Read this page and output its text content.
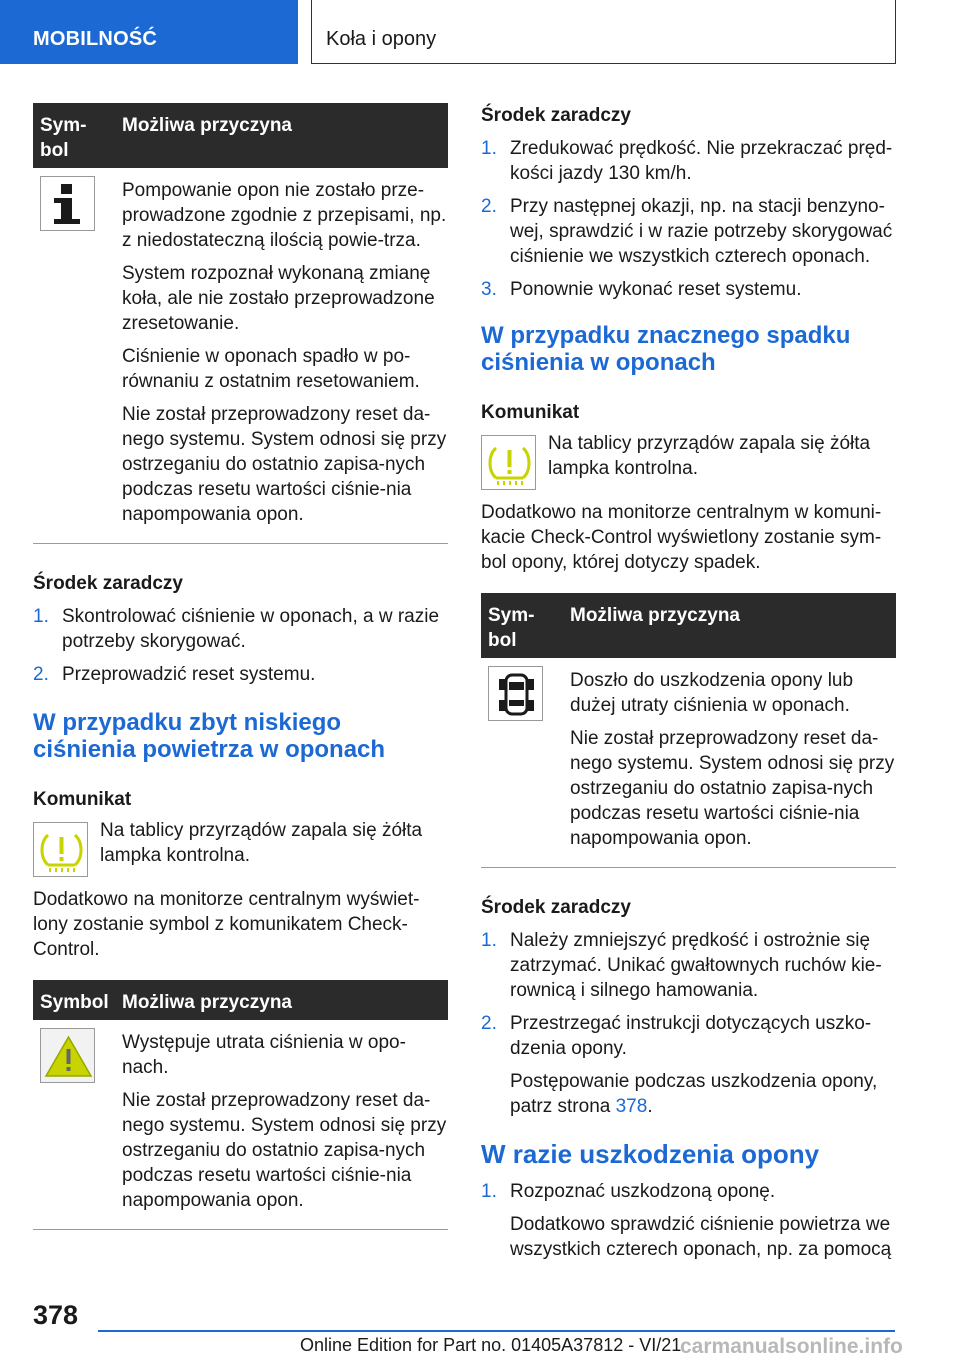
MOBILNOŚĆ	Koła i opony
Sym‑
bol
Możliwa przyczyna

Pompowanie opon nie zostało prze-prowadzone zgodnie z przepisami, np. z niedostateczną ilością powie-trza.

System rozpoznał wykonaną zmianę koła, ale nie zostało przeprowadzone zresetowanie.

Ciśnienie w oponach spadło w po-równaniu z ostatnim resetowaniem.

Nie został przeprowadzony reset da-nego systemu. System odnosi się przy ostrzeganiu do ostatnio zapisa-nych podczas resetu wartości ciśnie-nia napompowania opon.

Środek zaradczy
1. Skontrolować ciśnienie w oponach, a w razie potrzeby skorygować.
2. Przeprowadzić reset systemu.
W przypadku zbyt niskiego ciśnienia powietrza w oponach
Komunikat
Na tablicy przyrządów zapala się żółta lampka kontrolna.
Dodatkowo na monitorze centralnym wyświet-lony zostanie symbol z komunikatem Check-Control.
Symbol Możliwa przyczyna

Występuje utrata ciśnienia w opo-nach.

Nie został przeprowadzony reset da-nego systemu. System odnosi się przy ostrzeganiu do ostatnio zapisa-nych podczas resetu wartości ciśnie-nia napompowania opon.

Środek zaradczy
1. Zredukować prędkość. Nie przekraczać pręd-kości jazdy 130 km/h.
2. Przy następnej okazji, np. na stacji benzyno-wej, sprawdzić i w razie potrzeby skorygować ciśnienie we wszystkich czterech oponach.
3. Ponownie wykonać reset systemu.
W przypadku znacznego spadku ciśnienia w oponach
Komunikat
Na tablicy przyrządów zapala się żółta lampka kontrolna.
Dodatkowo na monitorze centralnym w komuni-kacie Check-Control wyświetlony zostanie sym-bol opony, której dotyczy spadek.
Sym‑
bol
Możliwa przyczyna

Doszło do uszkodzenia opony lub dużej utraty ciśnienia w oponach.

Nie został przeprowadzony reset da-nego systemu. System odnosi się przy ostrzeganiu do ostatnio zapisa-nych podczas resetu wartości ciśnie-nia napompowania opon.

Środek zaradczy
1. Należy zmniejszyć prędkość i ostrożnie się zatrzymać. Unikać gwałtownych ruchów kie-rownicą i silnego hamowania.
2. Przestrzegać instrukcji dotyczących uszko-dzenia opony.

Postępowanie podczas uszkodzenia opony, patrz strona 378.

W razie uszkodzenia opony
1. Rozpoznać uszkodzoną oponę.

Dodatkowo sprawdzić ciśnienie powietrza we wszystkich czterech oponach, np. za pomocą

378
Online Edition for Part no. 01405A37812 - VI/21
carmanualsonline.info
